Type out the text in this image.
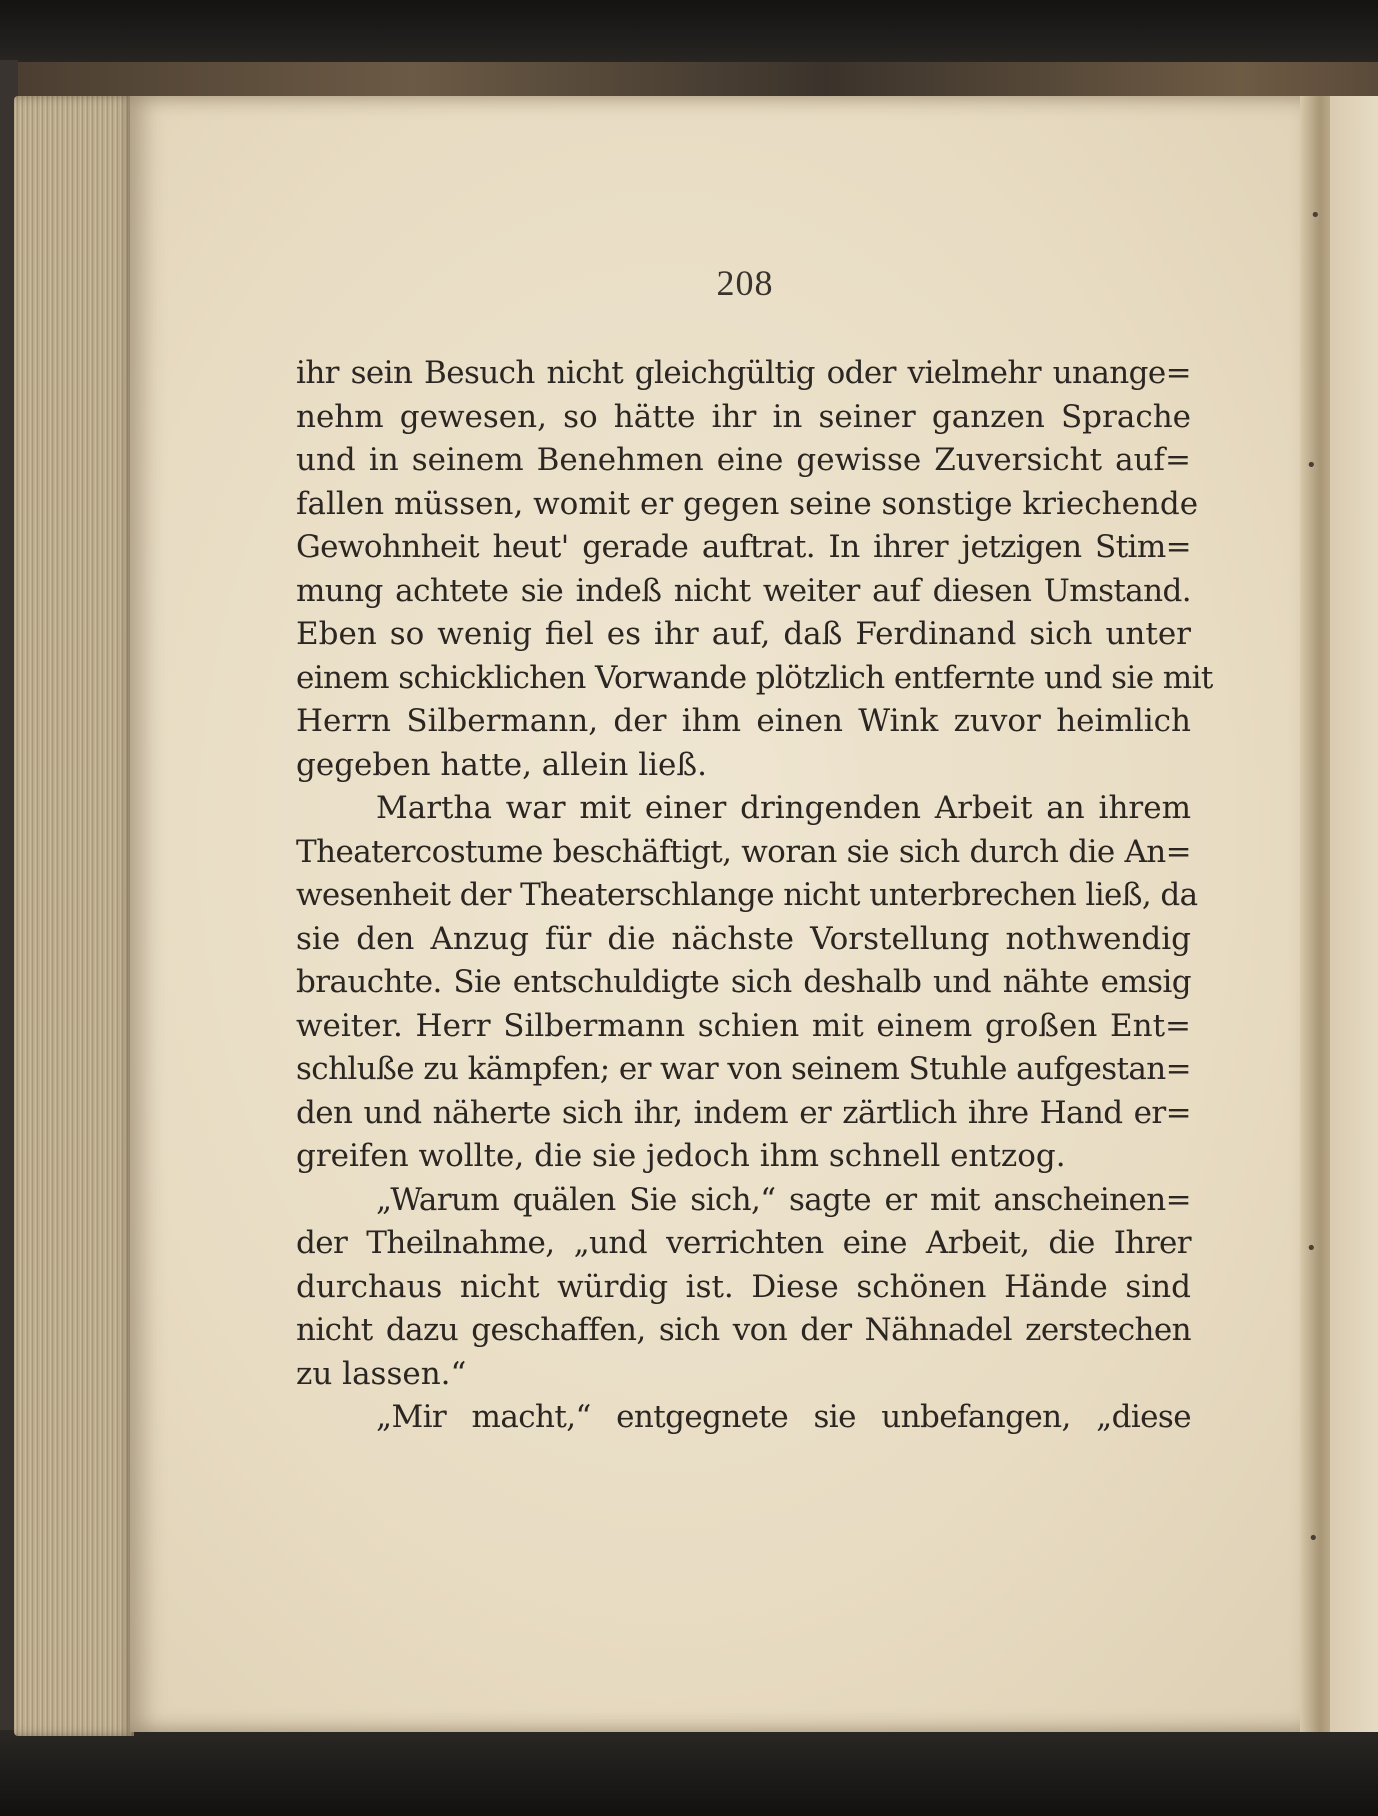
•
•
•
•
208
ihr sein Besuch nicht gleichgültig oder vielmehr unange=
nehm gewesen, so hätte ihr in seiner ganzen Sprache
und in seinem Benehmen eine gewisse Zuversicht auf=
fallen müssen, womit er gegen seine sonstige kriechende
Gewohnheit heut' gerade auftrat. In ihrer jetzigen Stim=
mung achtete sie indeß nicht weiter auf diesen Umstand.
Eben so wenig fiel es ihr auf, daß Ferdinand sich unter
einem schicklichen Vorwande plötzlich entfernte und sie mit
Herrn Silbermann, der ihm einen Wink zuvor heimlich
gegeben hatte, allein ließ.
Martha war mit einer dringenden Arbeit an ihrem
Theatercostume beschäftigt, woran sie sich durch die An=
wesenheit der Theaterschlange nicht unterbrechen ließ, da
sie den Anzug für die nächste Vorstellung nothwendig
brauchte. Sie entschuldigte sich deshalb und nähte emsig
weiter. Herr Silbermann schien mit einem großen Ent=
schluße zu kämpfen; er war von seinem Stuhle aufgestan=
den und näherte sich ihr, indem er zärtlich ihre Hand er=
greifen wollte, die sie jedoch ihm schnell entzog.
„Warum quälen Sie sich,“ sagte er mit anscheinen=
der Theilnahme, „und verrichten eine Arbeit, die Ihrer
durchaus nicht würdig ist. Diese schönen Hände sind
nicht dazu geschaffen, sich von der Nähnadel zerstechen
zu lassen.“
„Mir macht,“ entgegnete sie unbefangen, „diese
